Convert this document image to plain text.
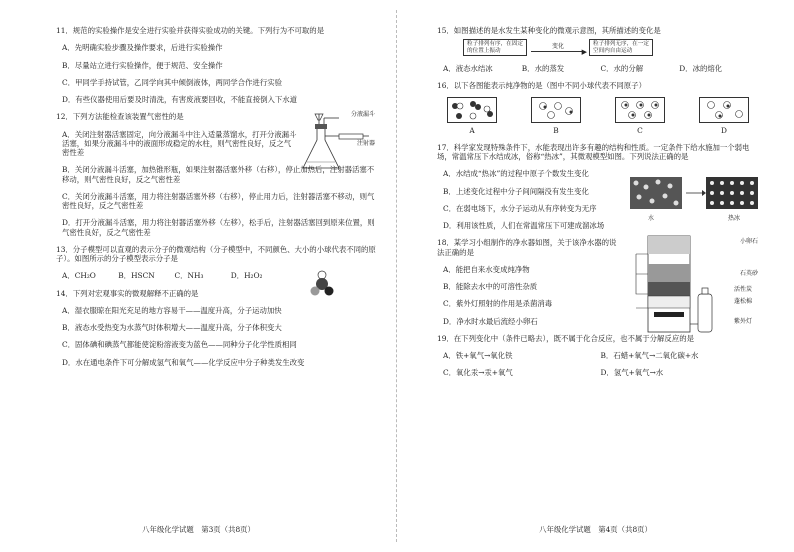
11．规范的实验操作是安全进行实验并获得实验成功的关键。下列行为不可取的是
A．先明确实验步骤及操作要求，后进行实验操作
B．尽量站立进行实验操作，便于规范、安全操作
C．甲同学手持试管，乙同学向其中倾倒液体，两同学合作进行实验
D．有些仪器使用后要及时清洗，有害废液要回收，不能直接倒入下水道
12．下列方法能检查该装置气密性的是
A．关闭注射器活塞固定，向分液漏斗中注入适量蒸馏水，打开分液漏斗活塞，如果分液漏斗中的液面形成稳定的水柱，则气密性良好，反之气密性差
B．关闭分液漏斗活塞，加热锥形瓶，如果注射器活塞外移（右移），停止加热后，注射器活塞不移动，则气密性良好，反之气密性差
C．关闭分液漏斗活塞，用力将注射器活塞外移（右移），停止用力后，注射器活塞不移动，则气密性良好，反之气密性差
D．打开分液漏斗活塞，用力将注射器活塞外移（左移），松手后，注射器活塞回到原来位置，则气密性良好，反之气密性差
分液漏斗
注射器
13．分子模型可以直观的表示分子的微观结构（分子模型中，不同颜色、大小的小球代表不同的原子）。如图所示的分子模型表示分子是
A．CH₂O	B．HSCN	C．NH₃	D．H₂O₂
14．下列对宏观事实的微观解释不正确的是
A．湿衣服晾在阳光充足的地方容易干——温度升高，分子运动加快
B．液态水受热变为水蒸气时体积增大——温度升高，分子体积变大
C．固体碘和碘蒸气都能使淀粉溶液变为蓝色——同种分子化学性质相同
D．水在通电条件下可分解成氢气和氧气——化学反应中分子种类发生改变
八年级化学试题　第3页（共8页）
15．如图描述的是水发生某种变化的微观示意图，其所描述的变化是
粒子排列有序，在固定的位置上振动
变化
▶
粒子排列无序，在一定空间内自由运动
A．液态水结冰	B．水的蒸发	C．水的分解	D．冰的熔化
16．以下各图能表示纯净物的是（图中不同小球代表不同原子）
A	B	C	D
17．科学家发现特殊条件下，水能表现出许多有趣的结构和性质。一定条件下给水施加一个弱电场，常温常压下水结成冰，俗称“热冰”，其微观模型如图。下列说法正确的是
A．水结成“热冰”的过程中原子个数发生变化
B．上述变化过程中分子间间隔没有发生变化
C．在弱电场下，水分子运动从有序转变为无序
D．利用该性质，人们在常温常压下可建成溜冰场
水	热冰
18．某学习小组制作的净水器如图，关于该净水器的说法正确的是
A．能把自来水变成纯净物
B．能除去水中的可溶性杂质
C．紫外灯照射的作用是杀菌消毒
D．净水时水最后流经小卵石
小卵石
石英砂
活性炭
蓬松棉
紫外灯
19．在下列变化中（条件已略去），既不属于化合反应，也不属于分解反应的是
A．铁+氧气→氧化铁	B．石蜡+氧气→二氧化碳+水
C．氧化汞→汞+氧气	D．氢气+氧气→水
八年级化学试题　第4页（共8页）
